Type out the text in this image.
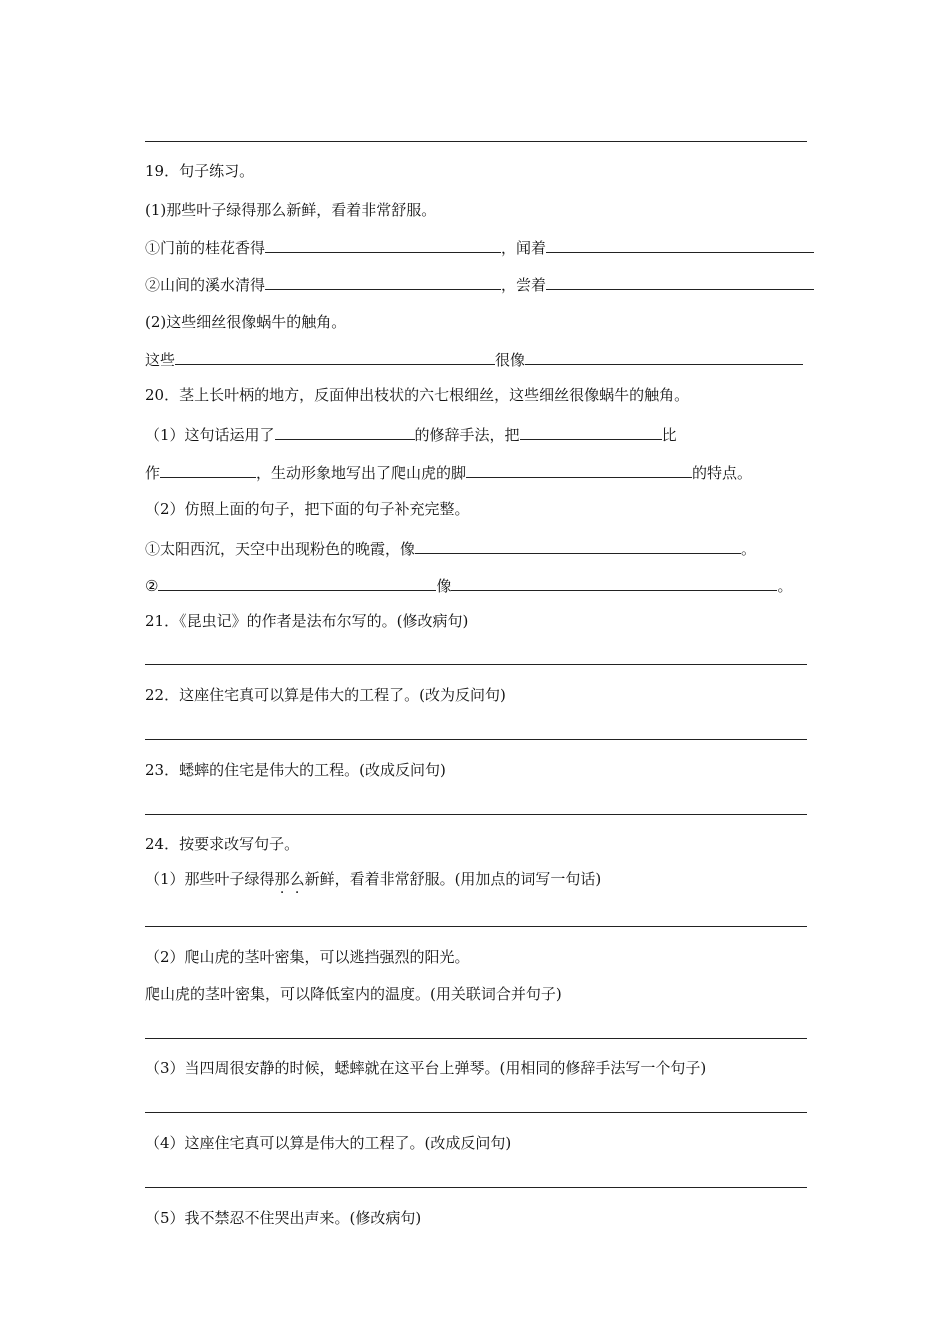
19．句子练习。
(1)那些叶子绿得那么新鲜，看着非常舒服。
①门前的桂花香得	，闻着
②山间的溪水清得	，尝着
(2)这些细丝很像蜗牛的触角。
这些	很像
20．茎上长叶柄的地方，反面伸出枝状的六七根细丝，这些细丝很像蜗牛的触角。
（1）这句话运用了	的修辞手法，把	比
作	，生动形象地写出了爬山虎的脚	的特点。
（2）仿照上面的句子，把下面的句子补充完整。
①太阳西沉，天空中出现粉色的晚霞，像	。
②	像	。
21．《昆虫记》的作者是法布尔写的。(修改病句)
22．这座住宅真可以算是伟大的工程了。(改为反问句)
23．蟋蟀的住宅是伟大的工程。(改成反问句)
24．按要求改写句子。
（1）那些叶子绿得那么新鲜，看着非常舒服。(用加点的词写一句话)
（2）爬山虎的茎叶密集，可以逃挡强烈的阳光。
爬山虎的茎叶密集，可以降低室内的温度。(用关联词合并句子)
（3）当四周很安静的时候，蟋蟀就在这平台上弹琴。(用相同的修辞手法写一个句子)
（4）这座住宅真可以算是伟大的工程了。(改成反问句)
（5）我不禁忍不住哭出声来。(修改病句)
